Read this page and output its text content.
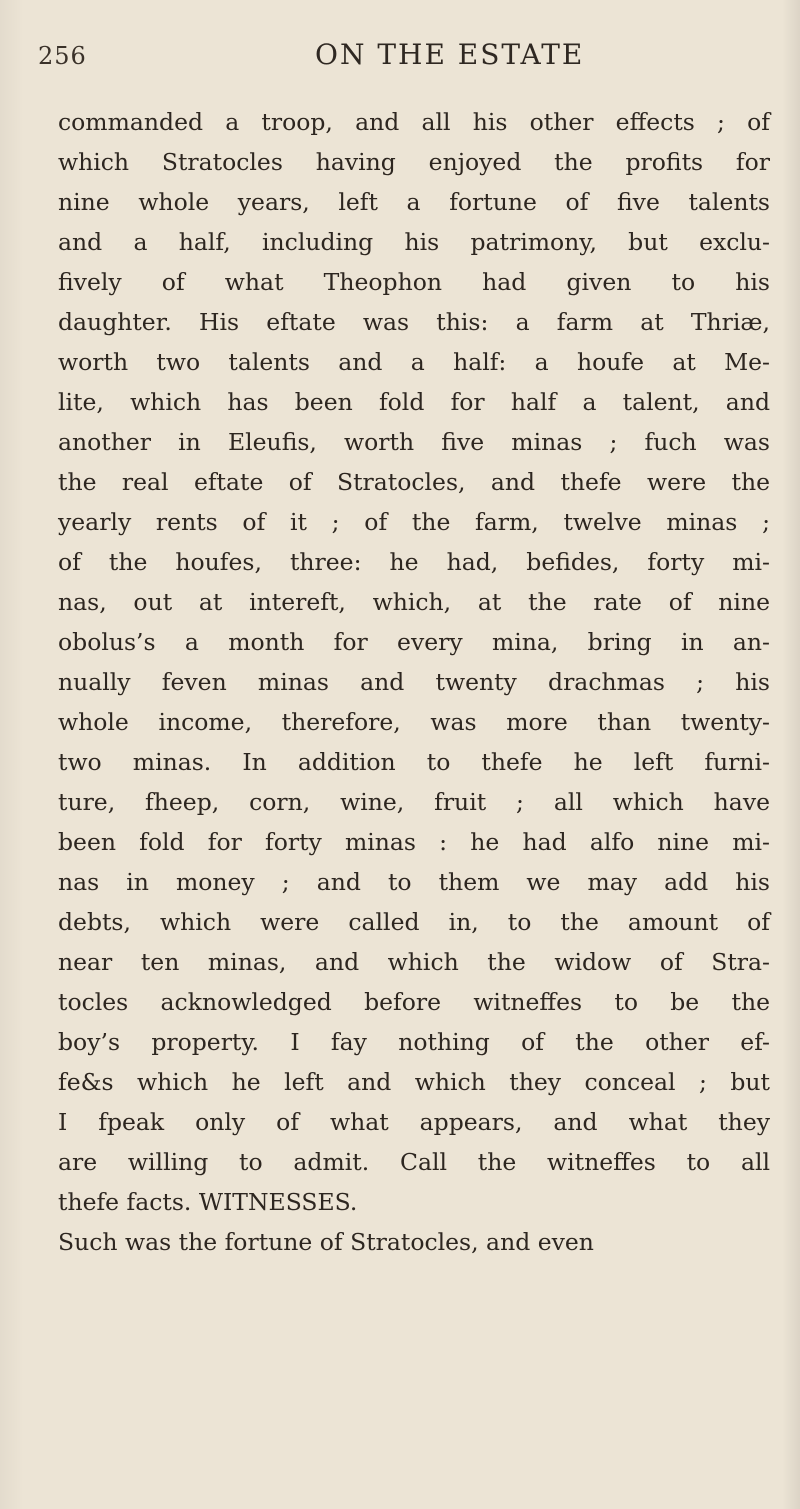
256	ON THE ESTATE
commanded a troop, and all his other effects ; of
which Stratocles having enjoyed the profits for
nine whole years, left a fortune of five talents
and a half, including his patrimony, but exclu-
fively of what Theophon had given to his
daughter. His eftate was this: a farm at Thriæ,
worth two talents and a half: a houfe at Me-
lite, which has been fold for half a talent, and
another in Eleufis, worth five minas ; fuch was
the real eftate of Stratocles, and thefe were the
yearly rents of it ; of the farm, twelve minas ;
of the houfes, three: he had, befides, forty mi-
nas, out at intereft, which, at the rate of nine
obolus’s a month for every mina, bring in an-
nually feven minas and twenty drachmas ; his
whole income, therefore, was more than twenty-
two minas. In addition to thefe he left furni-
ture, fheep, corn, wine, fruit ; all which have
been fold for forty minas : he had alfo nine mi-
nas in money ; and to them we may add his
debts, which were called in, to the amount of
near ten minas, and which the widow of Stra-
tocles acknowledged before witneffes to be the
boy’s property. I fay nothing of the other ef-
fe&s which he left and which they conceal ; but
I fpeak only of what appears, and what they
are willing to admit. Call the witneffes to all
thefe facts. WITNESSES.
Such was the fortune of Stratocles, and even
